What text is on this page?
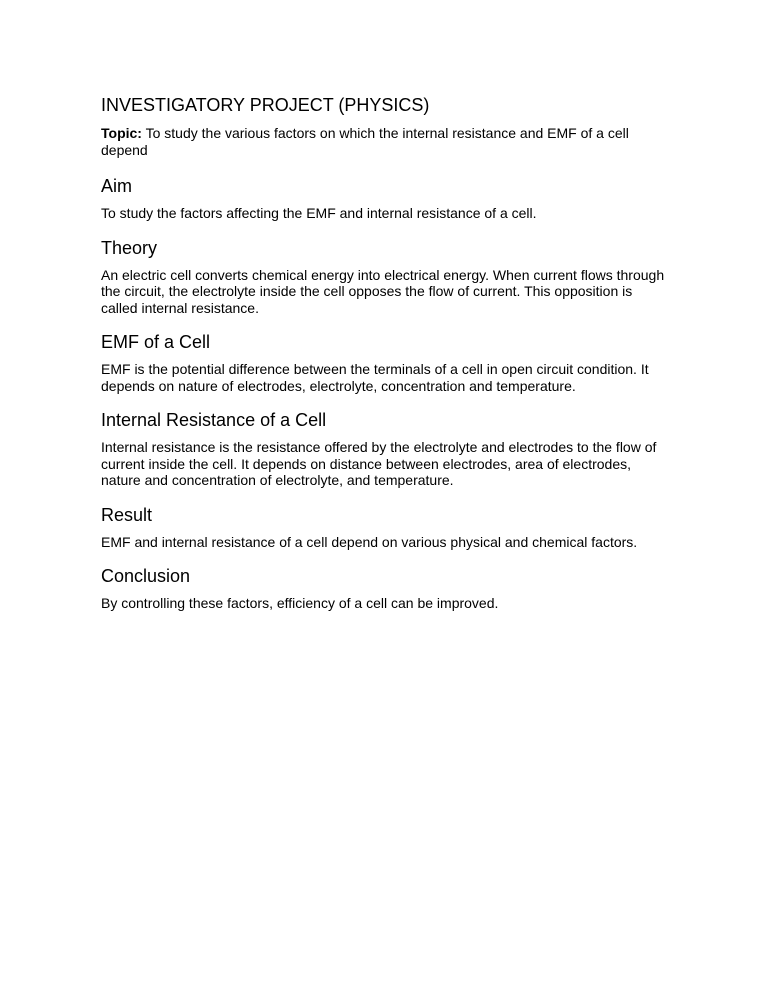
INVESTIGATORY PROJECT (PHYSICS)

Topic: To study the various factors on which the internal resistance and EMF of a cell depend

Aim

To study the factors affecting the EMF and internal resistance of a cell.

Theory

An electric cell converts chemical energy into electrical energy. When current flows through the circuit, the electrolyte inside the cell opposes the flow of current. This opposition is called internal resistance.

EMF of a Cell

EMF is the potential difference between the terminals of a cell in open circuit condition. It depends on nature of electrodes, electrolyte, concentration and temperature.

Internal Resistance of a Cell

Internal resistance is the resistance offered by the electrolyte and electrodes to the flow of current inside the cell. It depends on distance between electrodes, area of electrodes, nature and concentration of electrolyte, and temperature.

Result

EMF and internal resistance of a cell depend on various physical and chemical factors.

Conclusion

By controlling these factors, efficiency of a cell can be improved.
